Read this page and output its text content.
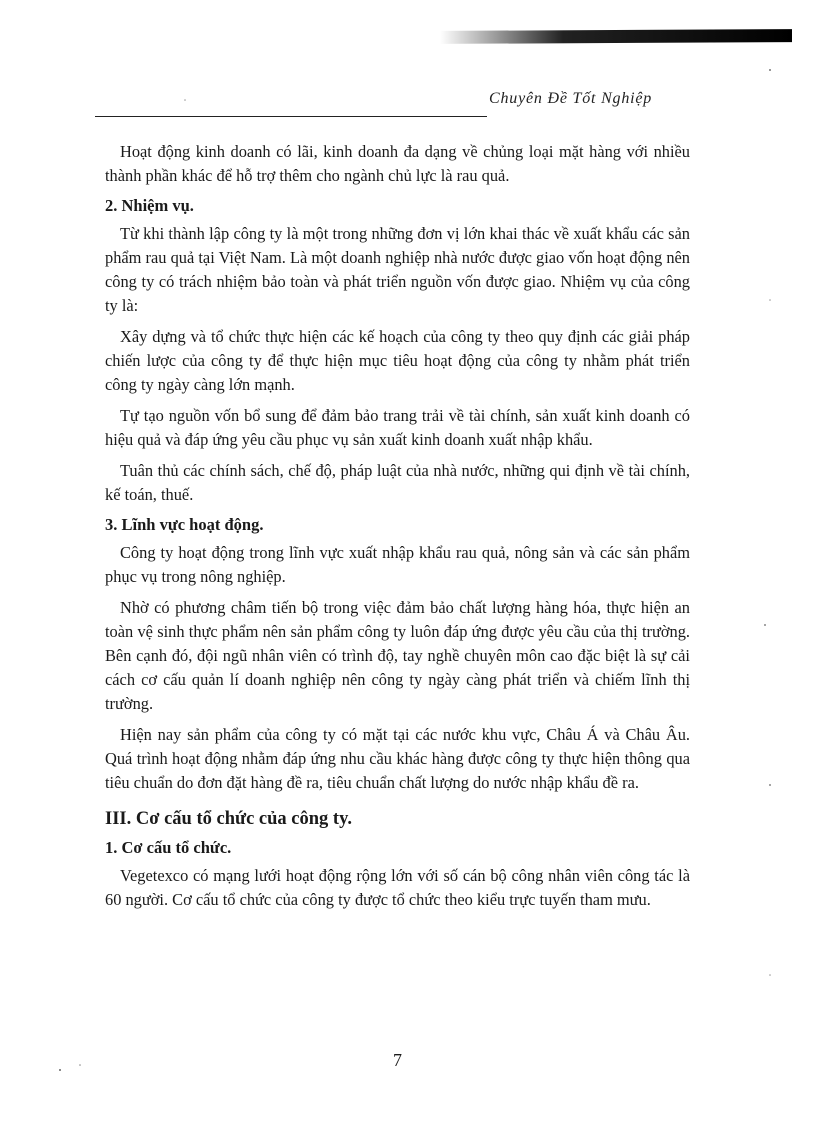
Chuyên Đề Tốt Nghiệp

Hoạt động kinh doanh có lãi, kinh doanh đa dạng về chủng loại mặt hàng với nhiều thành phần khác để hỗ trợ thêm cho ngành chủ lực là rau quả.

2. Nhiệm vụ.

Từ khi thành lập công ty là một trong những đơn vị lớn khai thác về xuất khẩu các sản phẩm rau quả tại Việt Nam. Là một doanh nghiệp nhà nước được giao vốn hoạt động nên công ty có trách nhiệm bảo toàn và phát triển nguồn vốn được giao. Nhiệm vụ của công ty là:

Xây dựng và tổ chức thực hiện các kế hoạch của công ty theo quy định các giải pháp chiến lược của công ty để thực hiện mục tiêu hoạt động của công ty nhằm phát triển công ty ngày càng lớn mạnh.

Tự tạo nguồn vốn bổ sung để đảm bảo trang trải về tài chính, sản xuất kinh doanh có hiệu quả và đáp ứng yêu cầu phục vụ sản xuất kinh doanh xuất nhập khẩu.

Tuân thủ các chính sách, chế độ, pháp luật của nhà nước, những qui định về tài chính, kế toán, thuế.

3. Lĩnh vực hoạt động.

Công ty hoạt động trong lĩnh vực xuất nhập khẩu rau quả, nông sản và các sản phẩm phục vụ trong nông nghiệp.

Nhờ có phương châm tiến bộ trong việc đảm bảo chất lượng hàng hóa, thực hiện an toàn vệ sinh thực phẩm nên sản phẩm công ty luôn đáp ứng được yêu cầu của thị trường. Bên cạnh đó, đội ngũ nhân viên có trình độ, tay nghề chuyên môn cao đặc biệt là sự cải cách cơ cấu quản lí doanh nghiệp nên công ty ngày càng phát triển và chiếm lĩnh thị trường.

Hiện nay sản phẩm của công ty có mặt tại các nước khu vực, Châu Á và Châu Âu. Quá trình hoạt động nhằm đáp ứng nhu cầu khác hàng được công ty thực hiện thông qua tiêu chuẩn do đơn đặt hàng đề ra, tiêu chuẩn chất lượng do nước nhập khẩu đề ra.

III. Cơ cấu tổ chức của công ty.
1. Cơ cấu tổ chức.

Vegetexco có mạng lưới hoạt động rộng lớn với số cán bộ công nhân viên công tác là 60 người. Cơ cấu tổ chức của công ty được tổ chức theo kiểu trực tuyến tham mưu.

7
